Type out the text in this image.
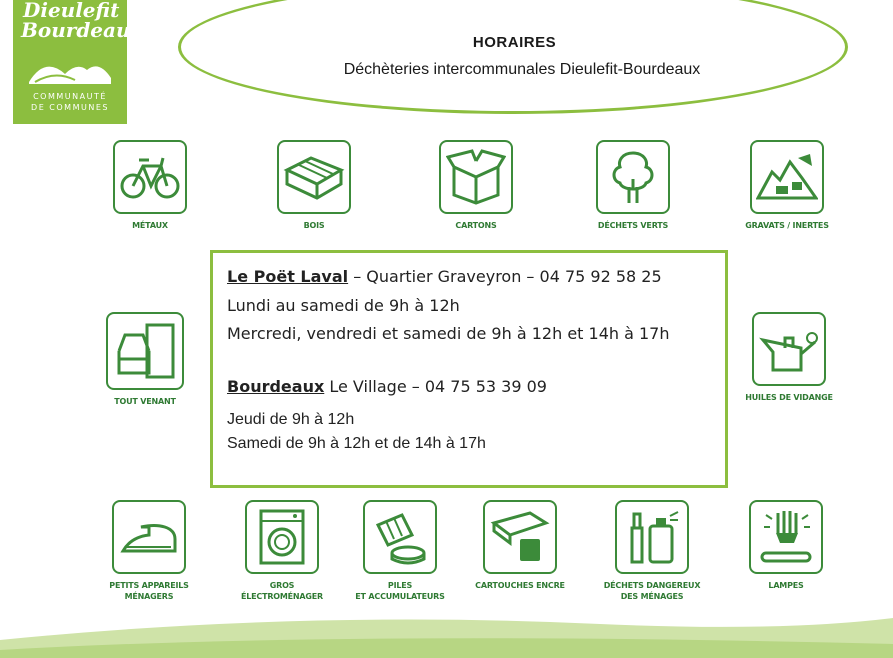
Dieulefit
Bourdeaux
COMMUNAUTÉ
DE COMMUNES
HORAIRES
Déchèteries intercommunales Dieulefit-Bourdeaux
MÉTAUX	BOIS	CARTONS	DÉCHETS VERTS	GRAVATS / INERTES
TOUT VENANT	HUILES DE VIDANGE
Le Poët Laval – Quartier Graveyron – 04 75 92 58 25
Lundi au samedi de 9h à 12h
Mercredi, vendredi et samedi de 9h à 12h et 14h à 17h
Bourdeaux Le Village – 04 75 53 39 09
Jeudi de 9h à 12h
Samedi de 9h à 12h et de 14h à 17h
PETITS APPAREILS
MÉNAGERS
GROS
ÉLECTROMÉNAGER
PILES
ET ACCUMULATEURS
CARTOUCHES ENCRE	DÉCHETS DANGEREUX
DES MÉNAGES
LAMPES
